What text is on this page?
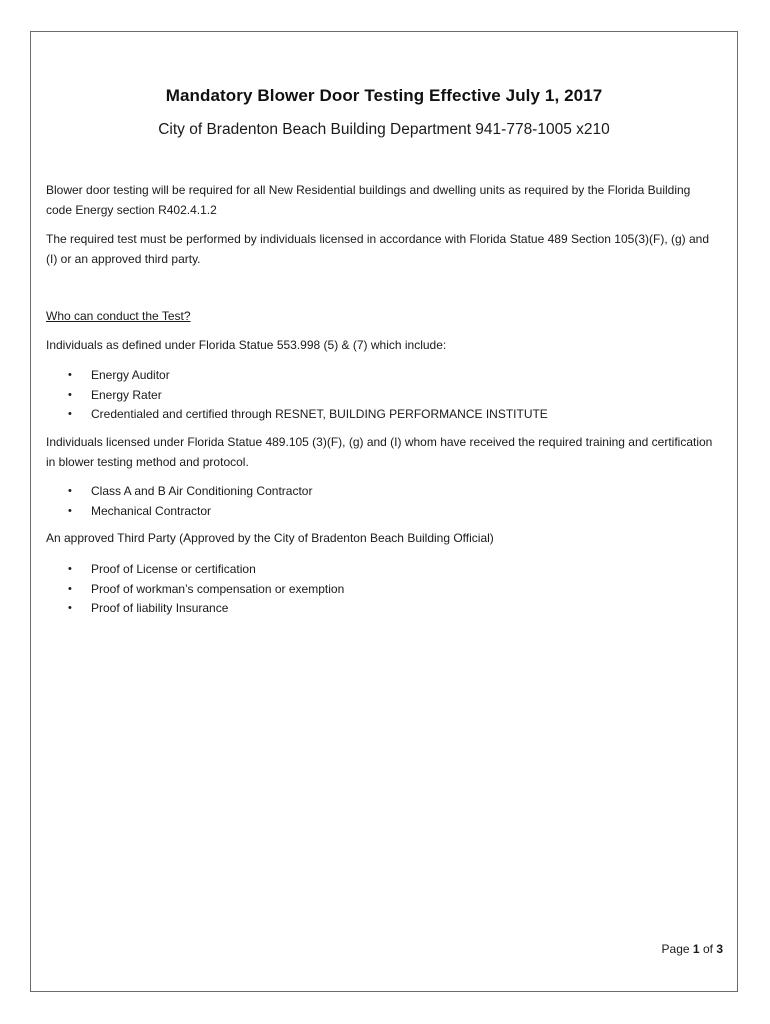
Mandatory Blower Door Testing Effective July 1, 2017
City of Bradenton Beach Building Department 941-778-1005 x210
Blower door testing will be required for all New Residential buildings and dwelling units as required by the Florida Building code Energy section R402.4.1.2
The required test must be performed by individuals licensed in accordance with Florida Statue 489 Section 105(3)(F), (g) and (I) or an approved third party.
Who can conduct the Test?
Individuals as defined under Florida Statue 553.998 (5) & (7) which include:
• Energy Auditor
• Energy Rater
• Credentialed and certified through RESNET, BUILDING PERFORMANCE INSTITUTE
Individuals licensed under Florida Statue 489.105 (3)(F), (g) and (I) whom have received the required training and certification in blower testing method and protocol.
• Class A and B Air Conditioning Contractor
• Mechanical Contractor
An approved Third Party (Approved by the City of Bradenton Beach Building Official)
• Proof of License or certification
• Proof of workman’s compensation or exemption
• Proof of liability Insurance
Page 1 of 3
